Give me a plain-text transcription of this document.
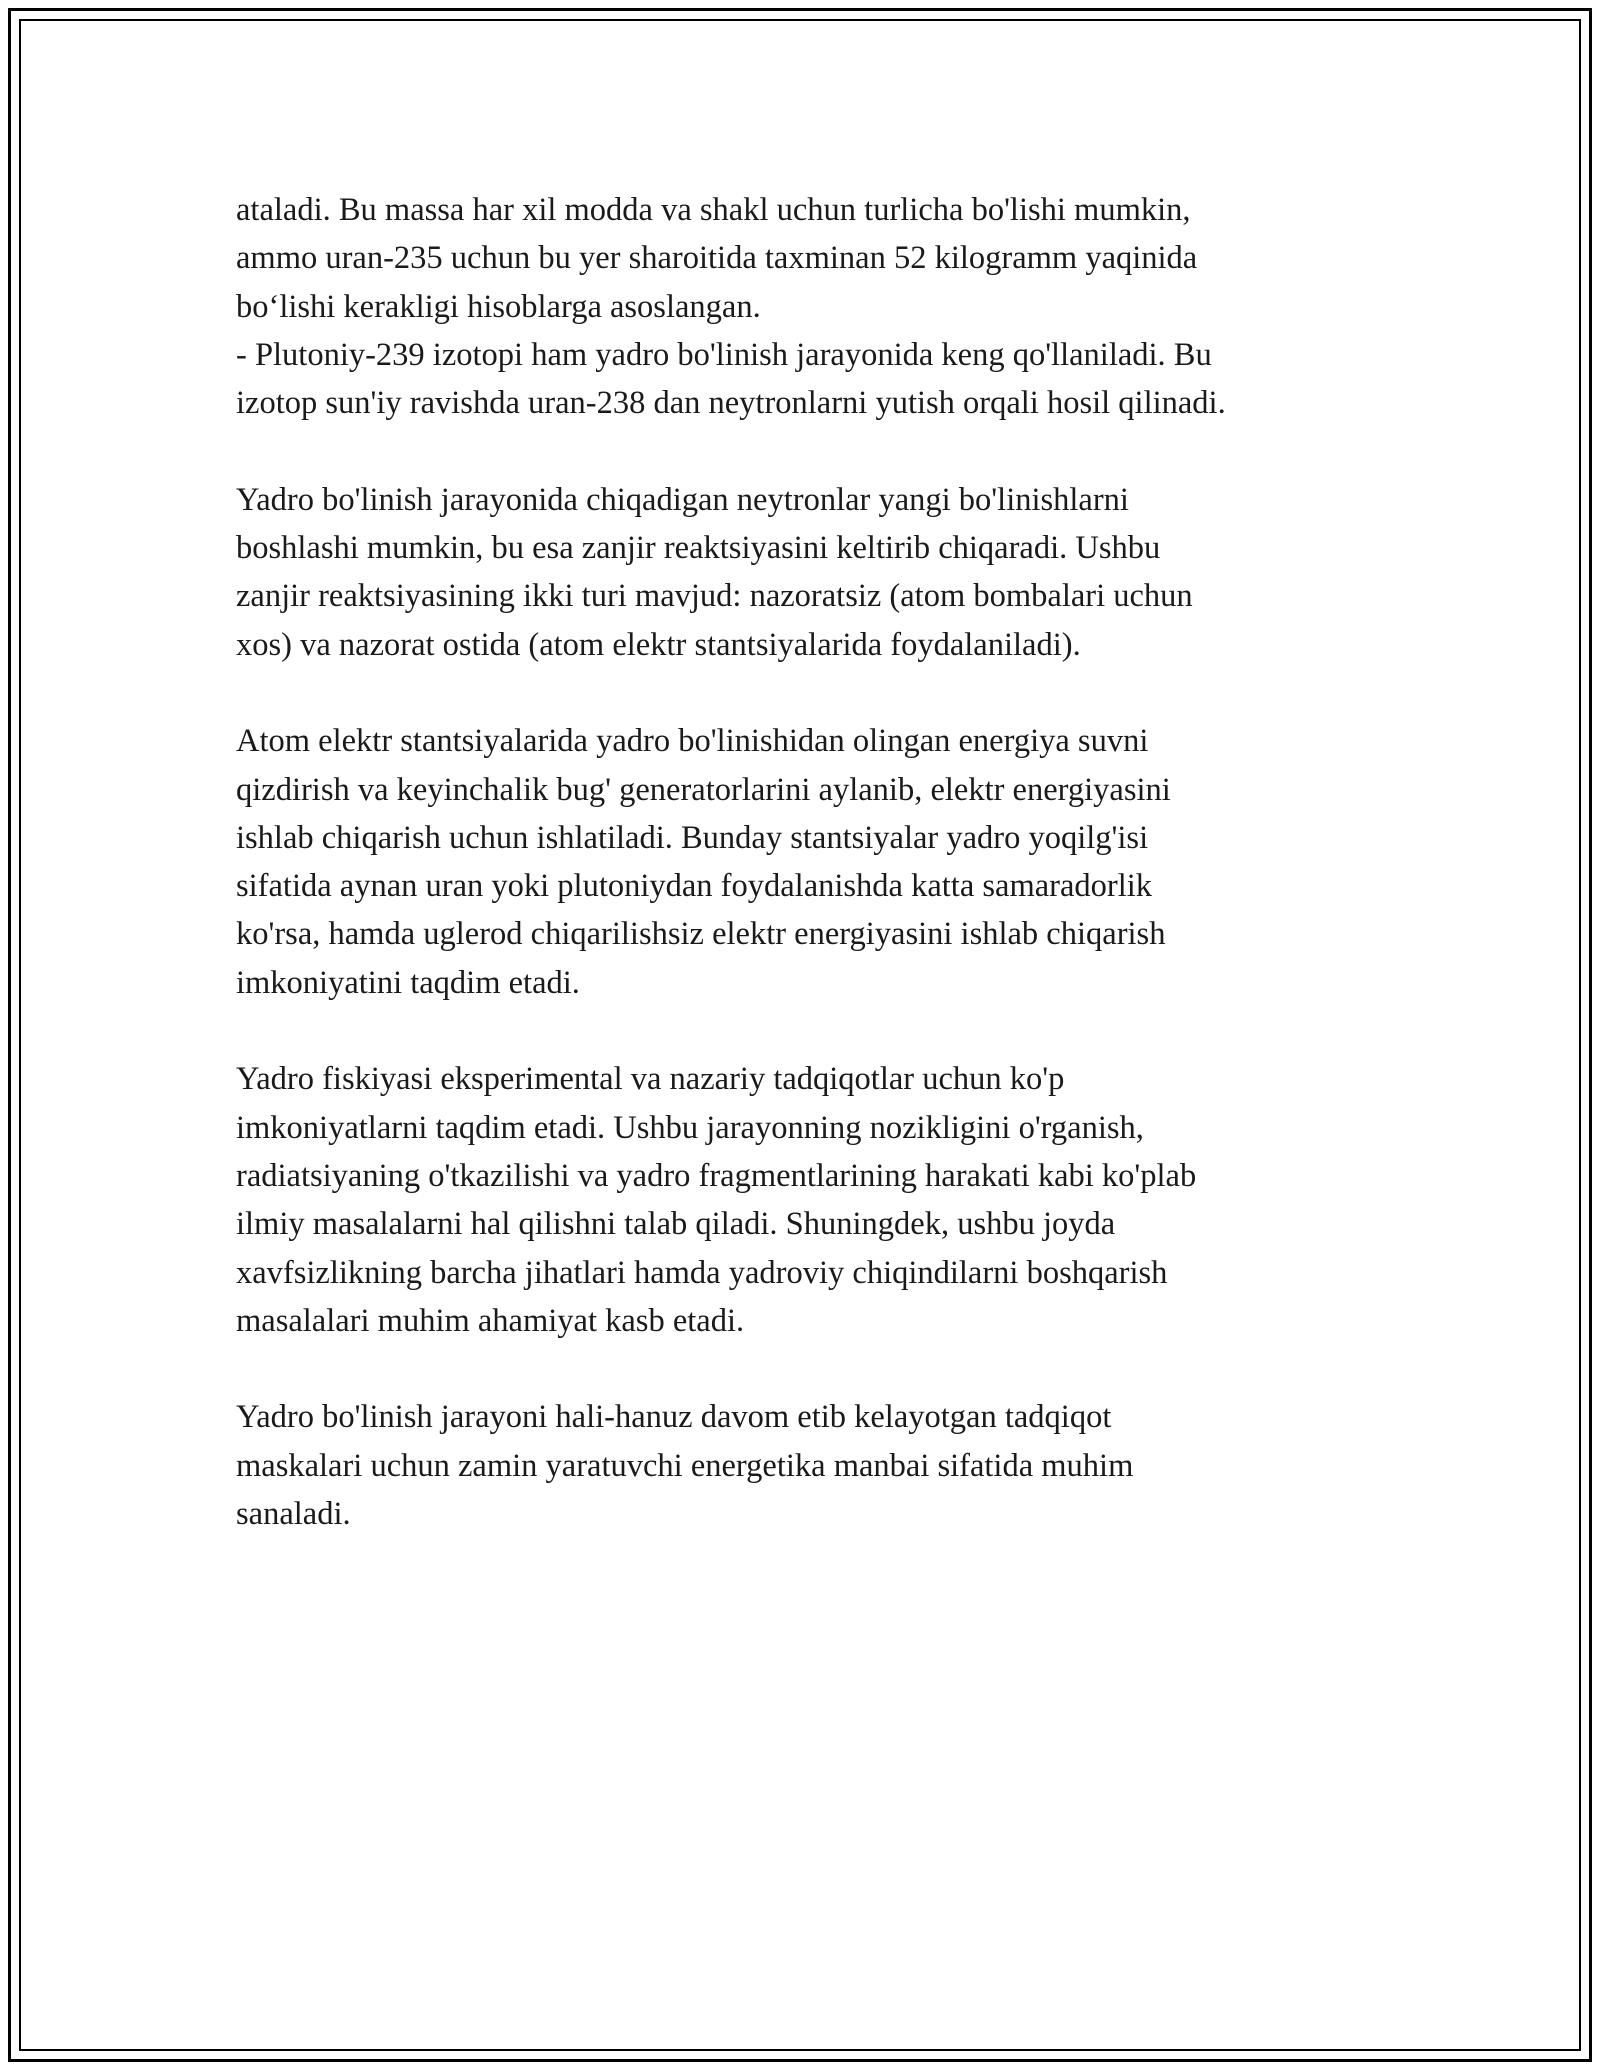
ataladi. Bu massa har xil modda va shakl uchun turlicha bo'lishi mumkin,
ammo uran-235 uchun bu yer sharoitida taxminan 52 kilogramm yaqinida
bo‘lishi kerakligi hisoblarga asoslangan.
- Plutoniy-239 izotopi ham yadro bo'linish jarayonida keng qo'llaniladi. Bu
izotop sun'iy ravishda uran-238 dan neytronlarni yutish orqali hosil qilinadi.

Yadro bo'linish jarayonida chiqadigan neytronlar yangi bo'linishlarni
boshlashi mumkin, bu esa zanjir reaktsiyasini keltirib chiqaradi. Ushbu
zanjir reaktsiyasining ikki turi mavjud: nazoratsiz (atom bombalari uchun
xos) va nazorat ostida (atom elektr stantsiyalarida foydalaniladi).

Atom elektr stantsiyalarida yadro bo'linishidan olingan energiya suvni
qizdirish va keyinchalik bug' generatorlarini aylanib, elektr energiyasini
ishlab chiqarish uchun ishlatiladi. Bunday stantsiyalar yadro yoqilg'isi
sifatida aynan uran yoki plutoniydan foydalanishda katta samaradorlik
ko'rsa, hamda uglerod chiqarilishsiz elektr energiyasini ishlab chiqarish
imkoniyatini taqdim etadi.

Yadro fiskiyasi eksperimental va nazariy tadqiqotlar uchun ko'p
imkoniyatlarni taqdim etadi. Ushbu jarayonning nozikligini o'rganish,
radiatsiyaning o'tkazilishi va yadro fragmentlarining harakati kabi ko'plab
ilmiy masalalarni hal qilishni talab qiladi. Shuningdek, ushbu joyda
xavfsizlikning barcha jihatlari hamda yadroviy chiqindilarni boshqarish
masalalari muhim ahamiyat kasb etadi.

Yadro bo'linish jarayoni hali-hanuz davom etib kelayotgan tadqiqot
maskalari uchun zamin yaratuvchi energetika manbai sifatida muhim
sanaladi.
